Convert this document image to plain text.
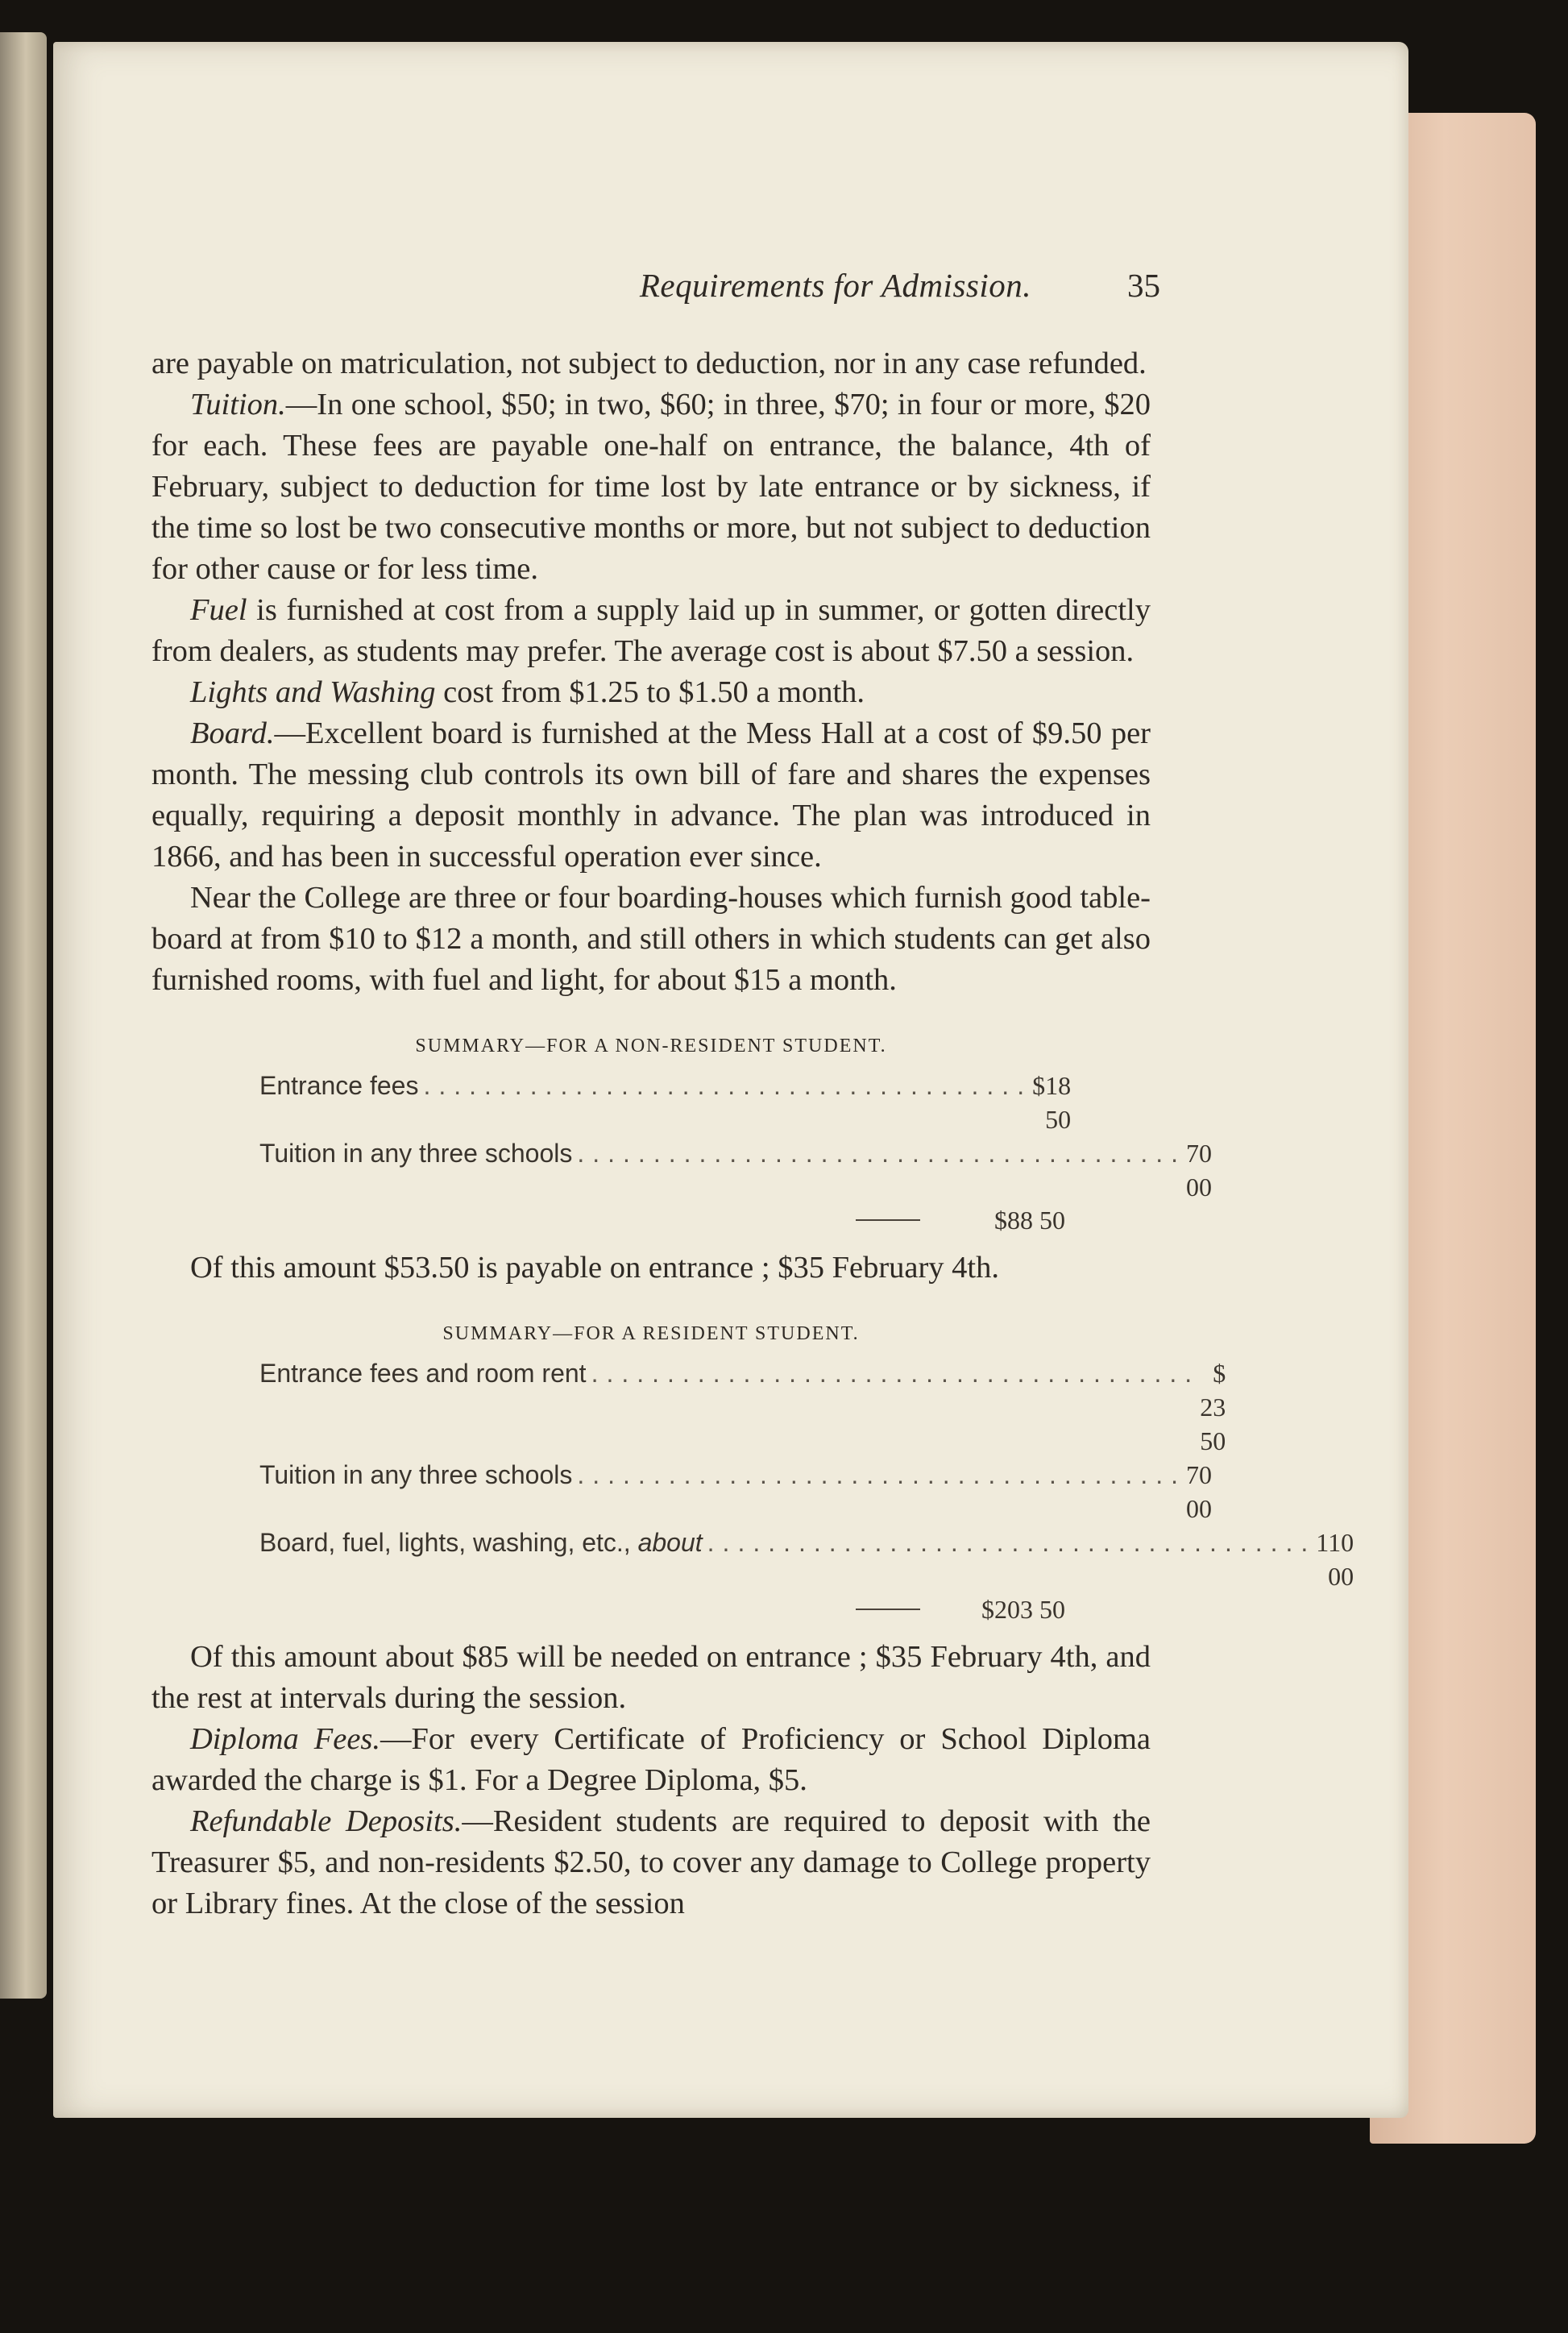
Requirements for Admission.	35

are payable on matriculation, not subject to deduction, nor in any case refunded.

Tuition.—In one school, $50; in two, $60; in three, $70; in four or more, $20 for each. These fees are payable one-half on entrance, the balance, 4th of February, subject to deduction for time lost by late entrance or by sickness, if the time so lost be two consecutive months or more, but not subject to deduction for other cause or for less time.

Fuel is furnished at cost from a supply laid up in summer, or gotten directly from dealers, as students may prefer. The average cost is about $7.50 a session.

Lights and Washing cost from $1.25 to $1.50 a month.

Board.—Excellent board is furnished at the Mess Hall at a cost of $9.50 per month. The messing club controls its own bill of fare and shares the expenses equally, requiring a deposit monthly in advance. The plan was introduced in 1866, and has been in successful operation ever since.

Near the College are three or four boarding-houses which furnish good table-board at from $10 to $12 a month, and still others in which students can get also furnished rooms, with fuel and light, for about $15 a month.

SUMMARY—FOR A NON-RESIDENT STUDENT.
Entrance fees ........................................ $18 50
Tuition in any three schools ........................................ 70 00
$88 50

Of this amount $53.50 is payable on entrance ; $35 February 4th.

SUMMARY—FOR A RESIDENT STUDENT.
Entrance fees and room rent ........................................ $ 23 50
Tuition in any three schools ........................................ 70 00
Board, fuel, lights, washing, etc., about ........................................ 110 00
$203 50

Of this amount about $85 will be needed on entrance ; $35 February 4th, and the rest at intervals during the session.

Diploma Fees.—For every Certificate of Proficiency or School Diploma awarded the charge is $1. For a Degree Diploma, $5.

Refundable Deposits.—Resident students are required to deposit with the Treasurer $5, and non-residents $2.50, to cover any damage to College property or Library fines. At the close of the session
